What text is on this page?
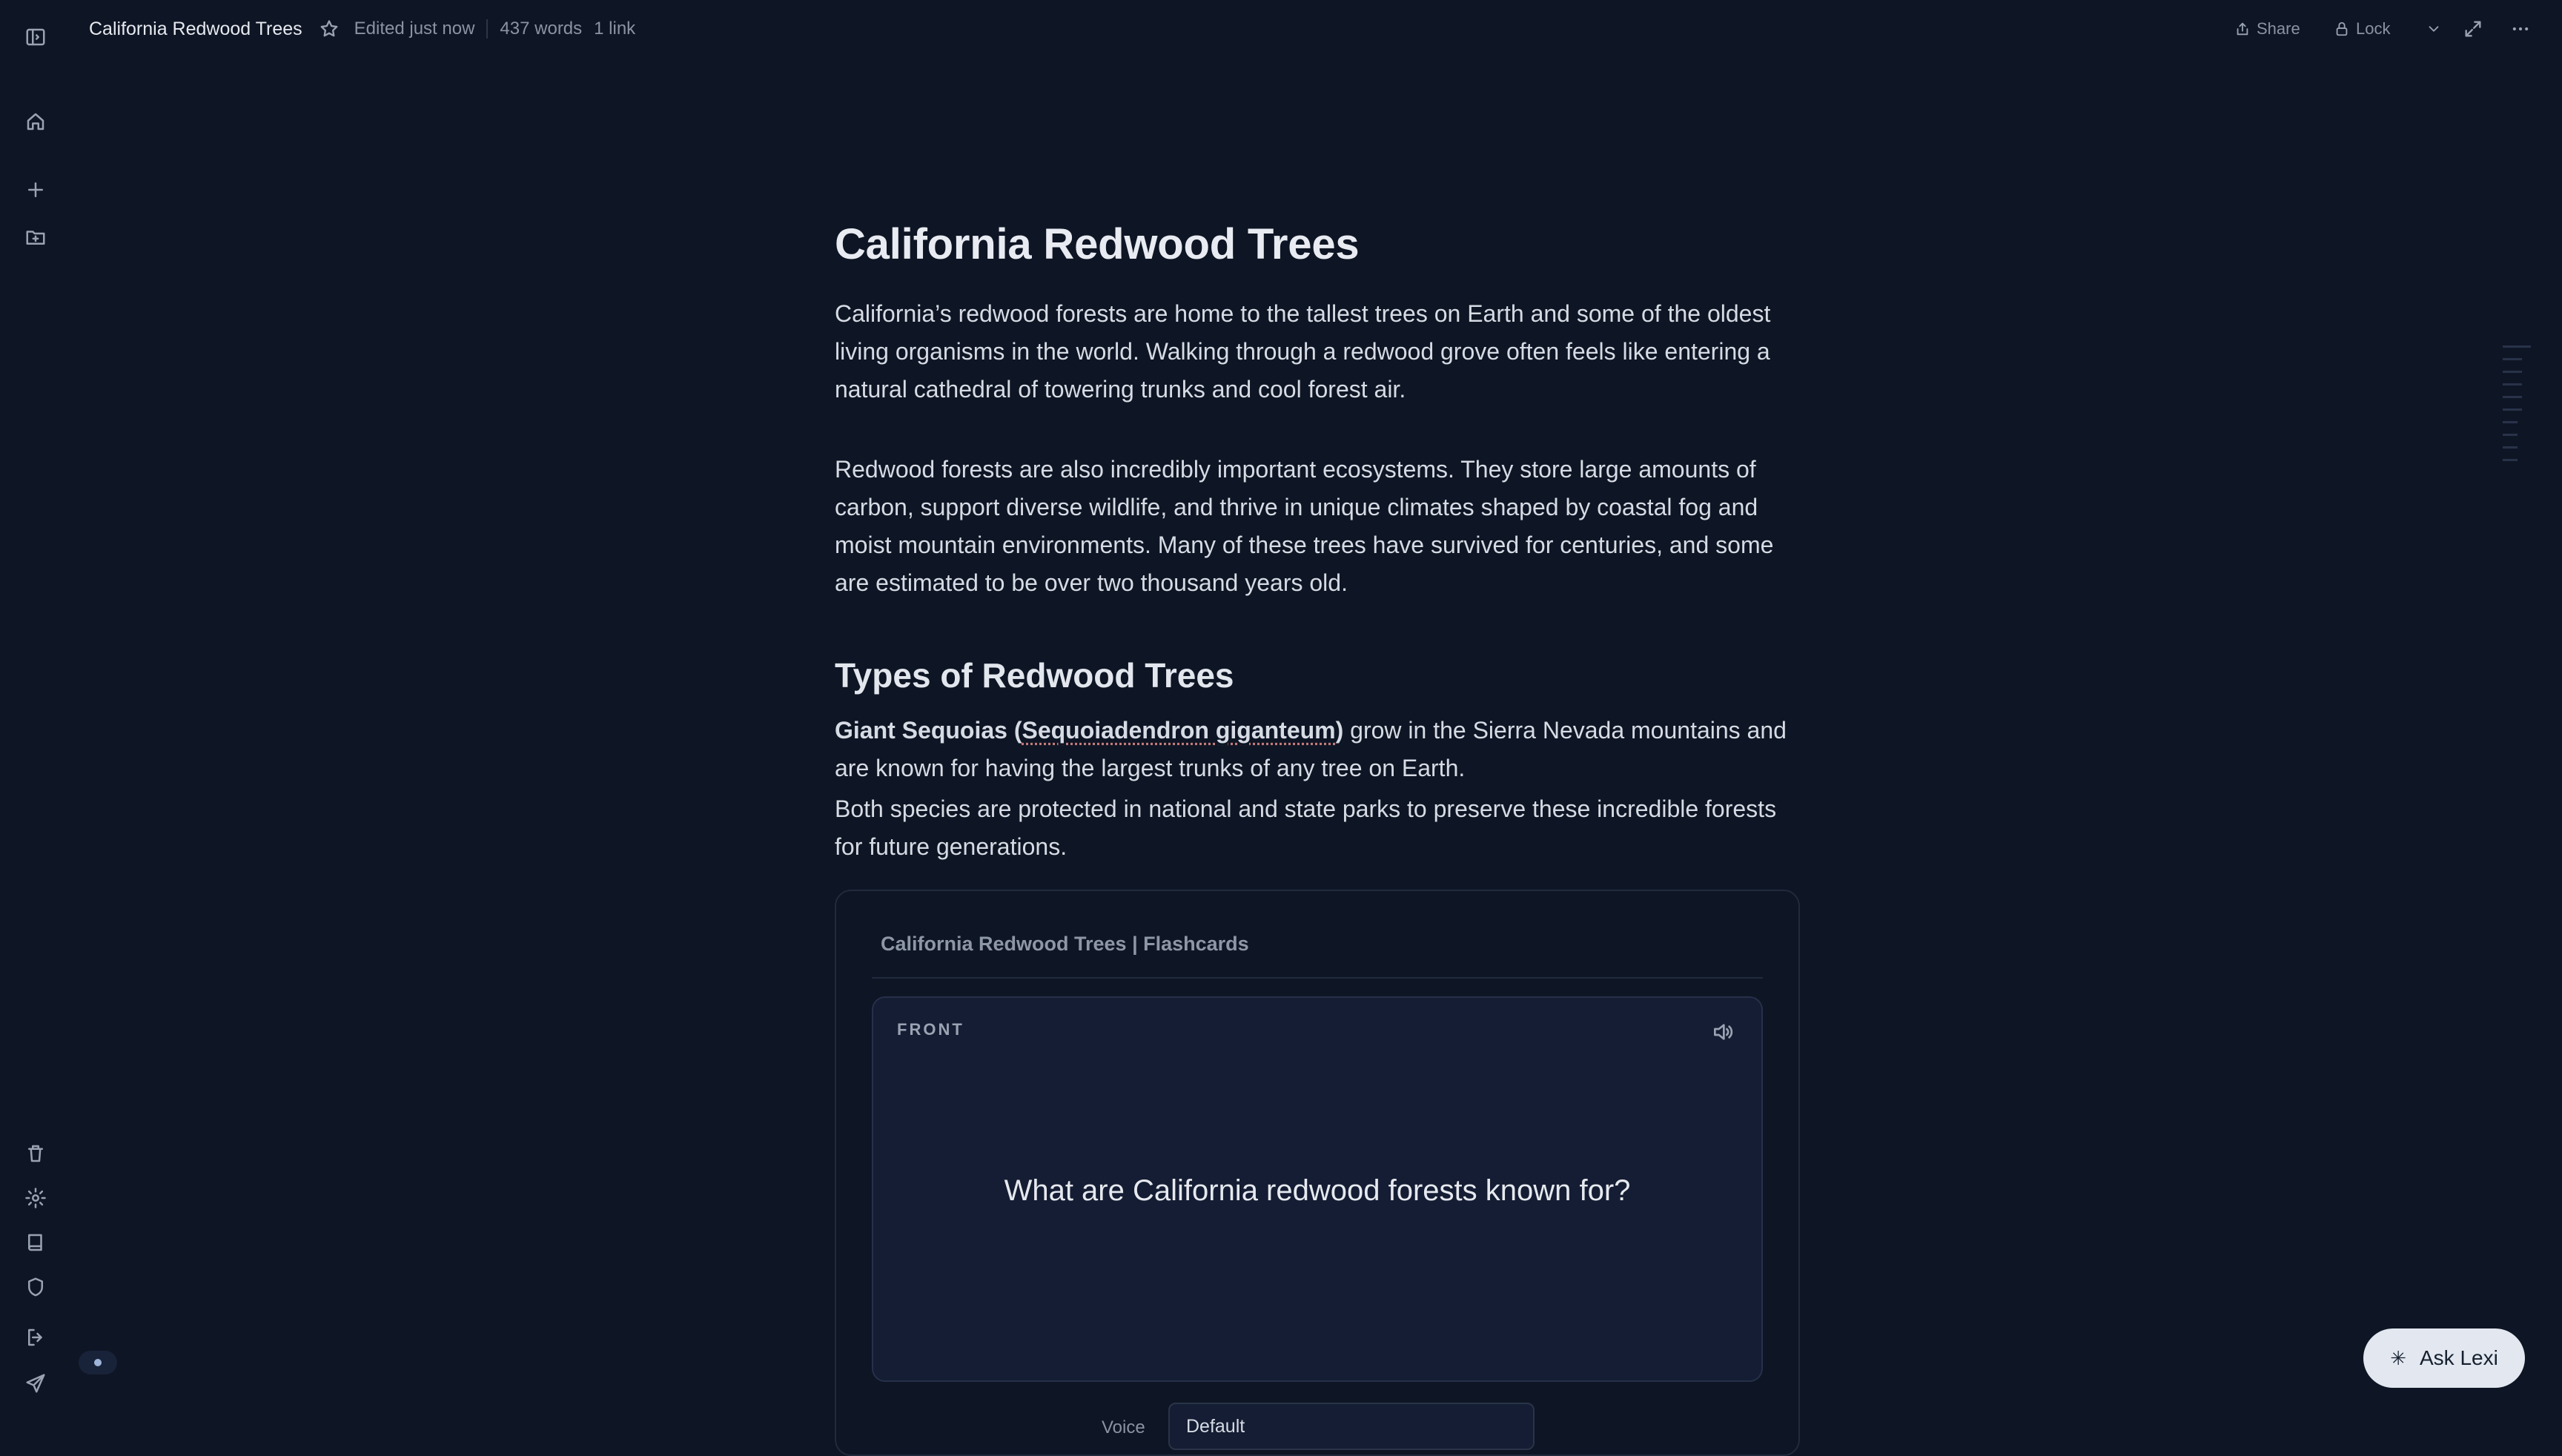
California Redwood Trees	Edited just now 437 words 1 link	Share	Lock
California Redwood Trees
California’s redwood forests are home to the tallest trees on Earth and some of the oldest living organisms in the world. Walking through a redwood grove often feels like entering a natural cathedral of towering trunks and cool forest air.
Redwood forests are also incredibly important ecosystems. They store large amounts of carbon, support diverse wildlife, and thrive in unique climates shaped by coastal fog and moist mountain environments. Many of these trees have survived for centuries, and some are estimated to be over two thousand years old.
Types of Redwood Trees
Giant Sequoias (Sequoiadendron giganteum) grow in the Sierra Nevada mountains and are known for having the largest trunks of any tree on Earth.
Both species are protected in national and state parks to preserve these incredible forests for future generations.
California Redwood Trees | Flashcards
FRONT
What are California redwood forests known for?
Voice Default
✳ Ask Lexi
